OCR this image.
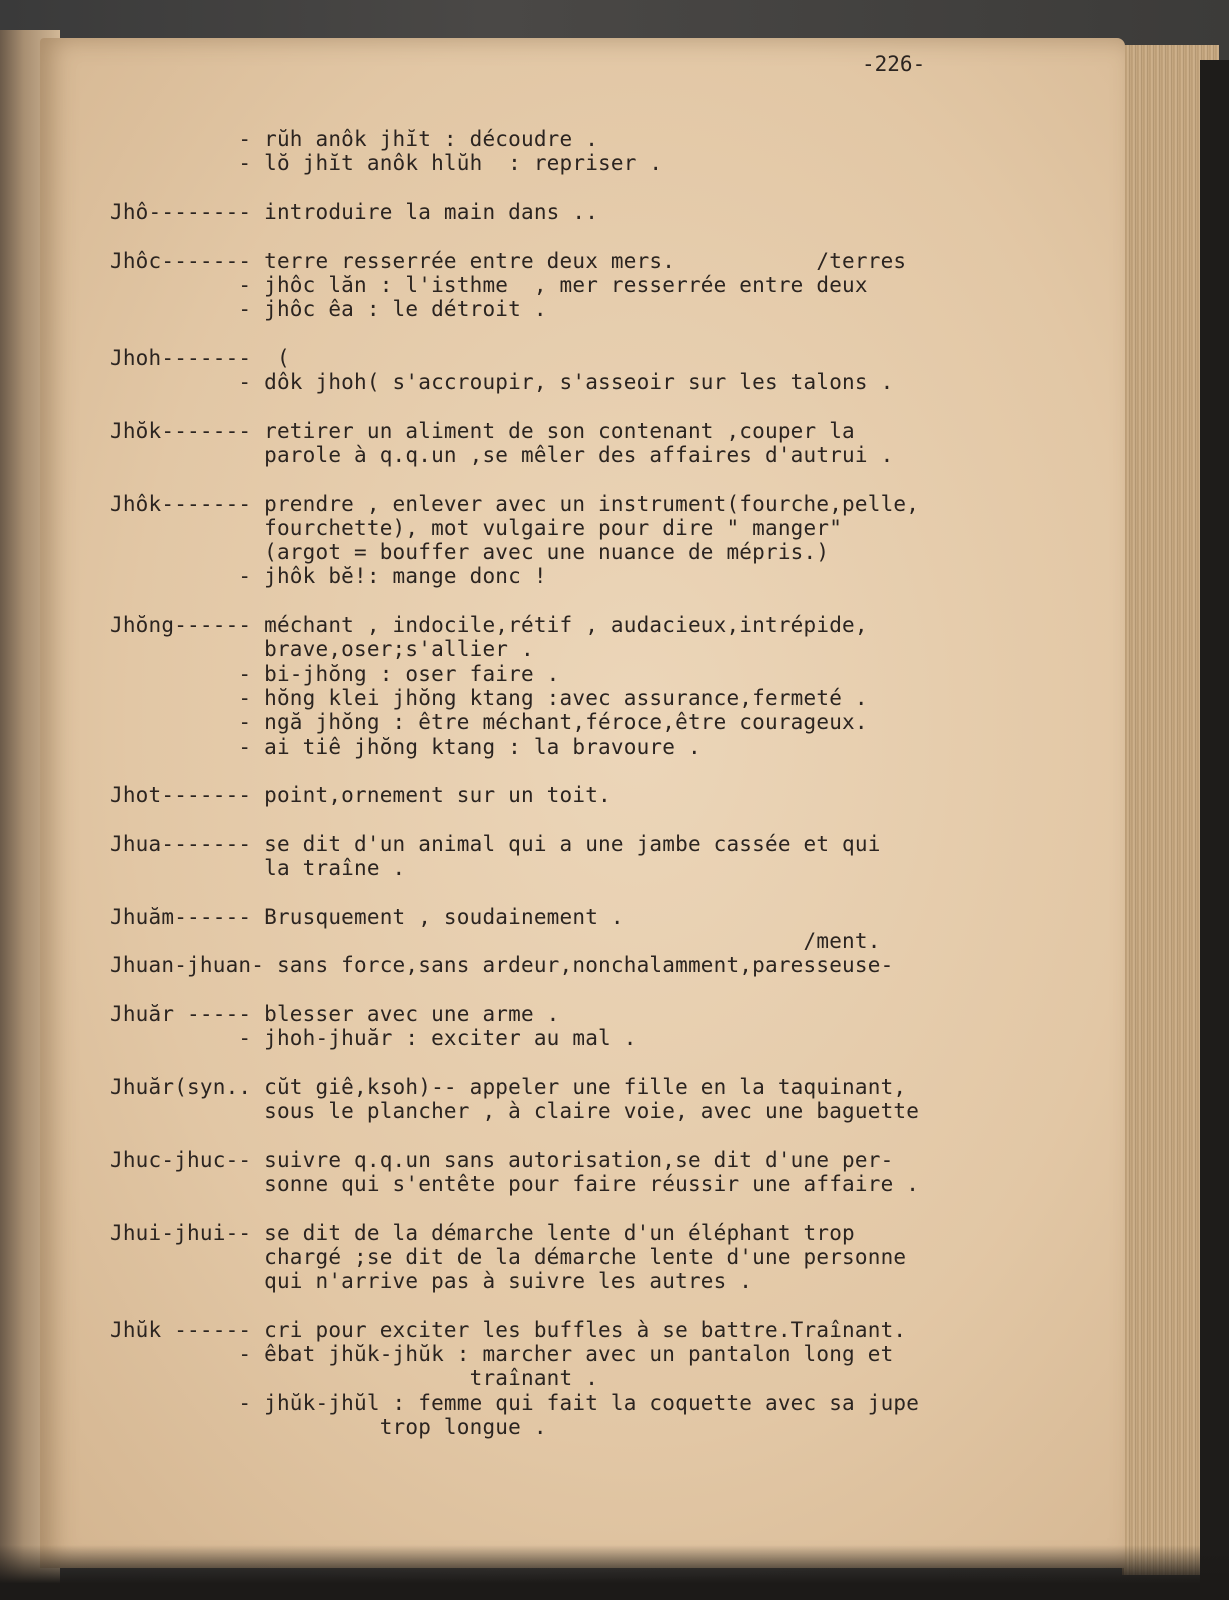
-226-
- rŭh anôk jhĭt : découdre .
- lŏ jhĭt anôk hlŭh  : repriser .
Jhô-------- introduire la main dans ..
Jhôc------- terre resserrée entre deux mers.           /terres
- jhôc lăn : l'isthme  , mer resserrée entre deux
- jhôc êa : le détroit .
Jhoh-------  (
- dôk jhoh( s'accroupir, s'asseoir sur les talons .
Jhŏk------- retirer un aliment de son contenant ,couper la
parole à q.q.un ,se mêler des affaires d'autrui .
Jhôk------- prendre , enlever avec un instrument(fourche,pelle,
fourchette), mot vulgaire pour dire " manger"
(argot = bouffer avec une nuance de mépris.)
- jhôk bĕ!: mange donc !
Jhŏng------ méchant , indocile,rétif , audacieux,intrépide,
brave,oser;s'allier .
- bi-jhŏng : oser faire .
- hŏng klei jhŏng ktang :avec assurance,fermeté .
- ngă jhŏng : être méchant,féroce,être courageux.
- ai tiê jhŏng ktang : la bravoure .
Jhot------- point,ornement sur un toit.
Jhua------- se dit d'un animal qui a une jambe cassée et qui
la traîne .
Jhuăm------ Brusquement , soudainement .
/ment.
Jhuan-jhuan- sans force,sans ardeur,nonchalamment,paresseuse-
Jhuăr ----- blesser avec une arme .
- jhoh-jhuăr : exciter au mal .
Jhuăr(syn.. cŭt giê,ksoh)-- appeler une fille en la taquinant,
sous le plancher , à claire voie, avec une baguette
Jhuc-jhuc-- suivre q.q.un sans autorisation,se dit d'une per-
sonne qui s'entête pour faire réussir une affaire .
Jhui-jhui-- se dit de la démarche lente d'un éléphant trop
chargé ;se dit de la démarche lente d'une personne
qui n'arrive pas à suivre les autres .
Jhŭk ------ cri pour exciter les buffles à se battre.Traînant.
- êbat jhŭk-jhŭk : marcher avec un pantalon long et
traînant .
- jhŭk-jhŭl : femme qui fait la coquette avec sa jupe
trop longue .
